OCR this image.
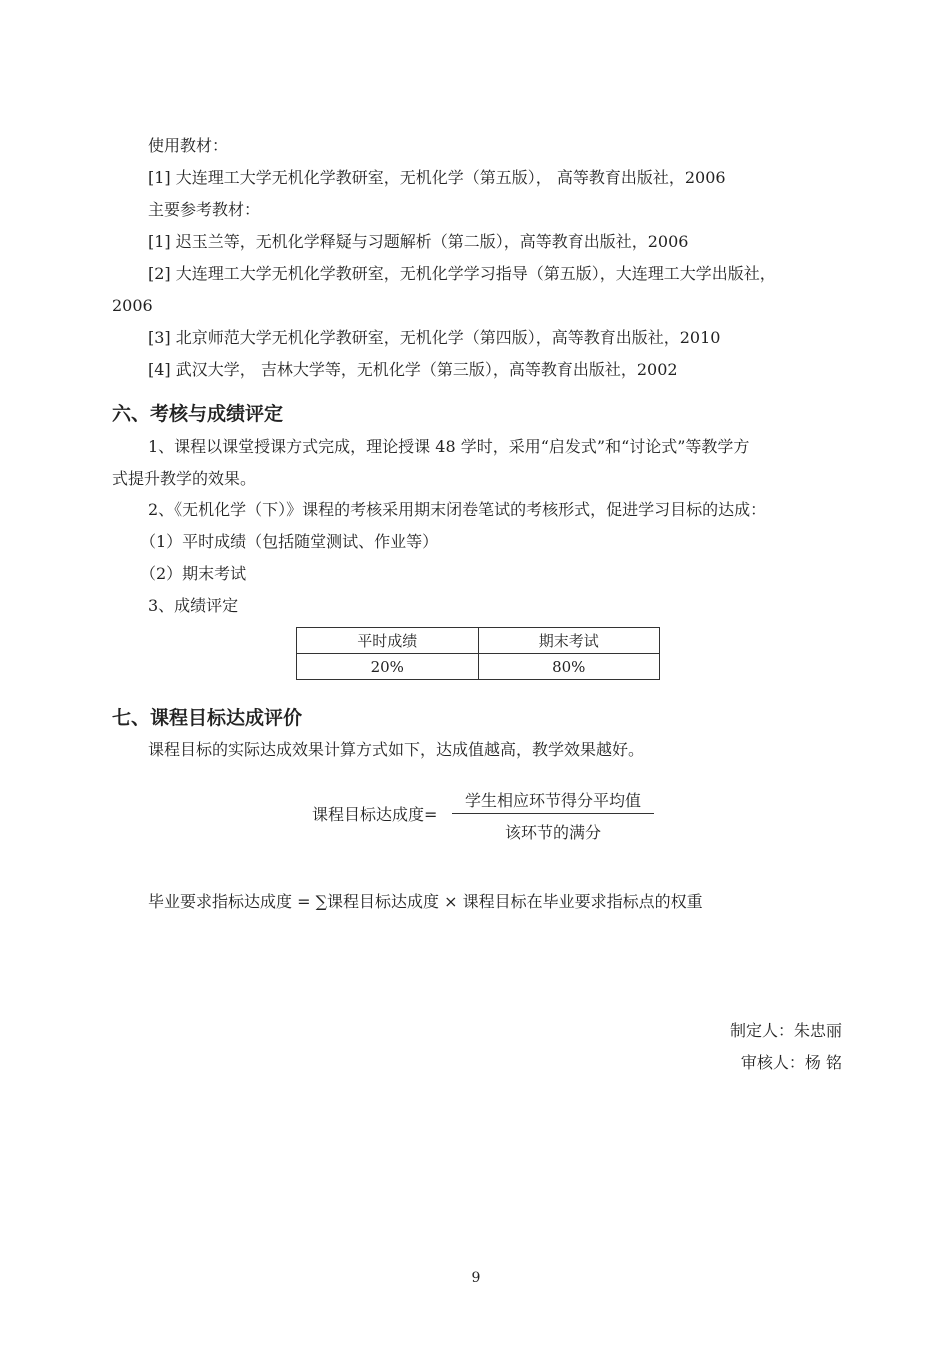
使用教材：
[1] 大连理工大学无机化学教研室，无机化学（第五版）， 高等教育出版社，2006
主要参考教材：
[1] 迟玉兰等，无机化学释疑与习题解析（第二版），高等教育出版社，2006
[2] 大连理工大学无机化学教研室，无机化学学习指导（第五版），大连理工大学出版社，
2006
[3] 北京师范大学无机化学教研室，无机化学（第四版），高等教育出版社，2010
[4] 武汉大学， 吉林大学等，无机化学（第三版），高等教育出版社，2002
六、考核与成绩评定
1、课程以课堂授课方式完成，理论授课 48 学时，采用“启发式”和“讨论式”等教学方
式提升教学的效果。
2、《无机化学（下）》课程的考核采用期末闭卷笔试的考核形式，促进学习目标的达成：
（1）平时成绩（包括随堂测试、作业等）
（2）期末考试
3、成绩评定
平时成绩	期末考试
20%	80%
七、课程目标达成评价
课程目标的实际达成效果计算方式如下，达成值越高，教学效果越好。
课程目标达成度=
学生相应环节得分平均值
该环节的满分
毕业要求指标达成度 = ∑课程目标达成度 × 课程目标在毕业要求指标点的权重
制定人：朱忠丽
审核人：杨 铭
9
